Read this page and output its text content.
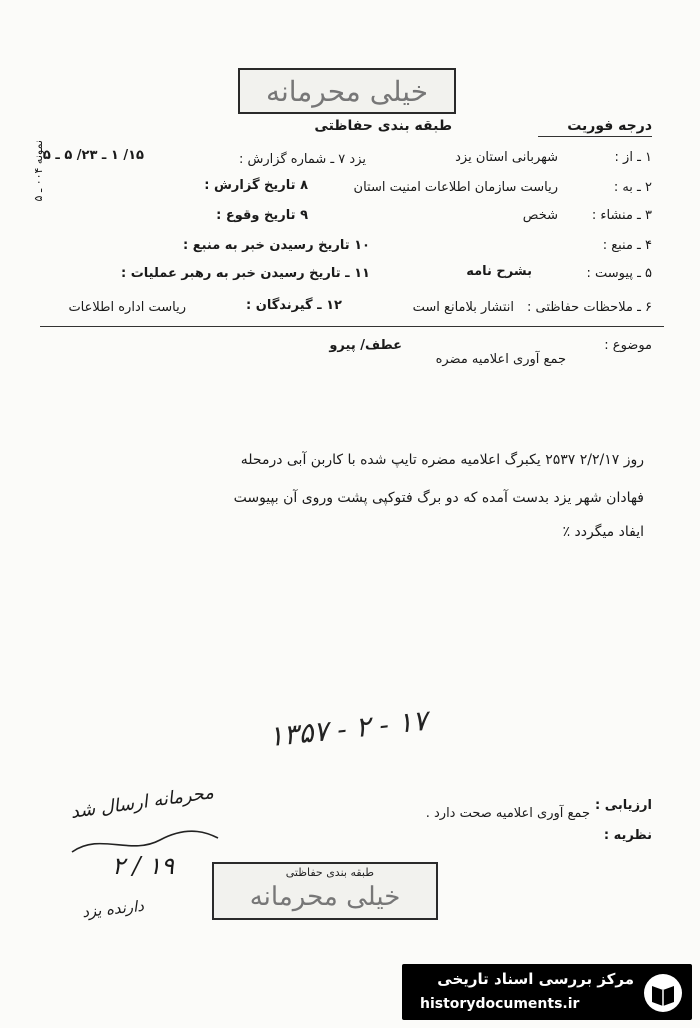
خیلی محرمانه
طبقه بندی حفاظتی	درجه فوریت
نمونه ۰۰۴ ـ ۵	۱ ـ از :
شهربانی استان یزد
یزد ۷ ـ شماره گزارش :
۱۵/ ۱ ـ ۲۳/ ۵ ـ ۵
۲ ـ به :
ریاست سازمان اطلاعات امنیت استان
۸ تاریخ گزارش :
۳ ـ منشاء :
شخص
۹ تاریخ وقوع :
۴ ـ منبع :
۱۰ تاریخ رسیدن خبر به منبع :
۵ ـ پیوست :
بشرح نامه
۱۱ ـ تاریخ رسیدن خبر به رهبر عملیات :
۶ ـ ملاحظات حفاظتی :
انتشار بلامانع است
۱۲ ـ گیرندگان :
ریاست اداره اطلاعات
موضوع :
عطف/ پیرو
جمع آوری اعلامیه مضره
روز ۲/۲/۱۷ ۲۵۳۷ یکبرگ اعلامیه مضره تایپ شده با کاربن آبی درمحله
فهادان شهر یزد بدست آمده که دو برگ فتوکپی پشت وروی آن بپیوست
ایفاد میگردد ٪
۱۷ - ۲ - ۱۳۵۷
محرمانه ارسال شد
۱۹ / ۲
دارنده یزد
ارزیابی :
جمع آوری اعلامیه صحت دارد .
نظریه :
طبقه بندی حفاظتی
خیلی محرمانه
مرکز بررسی اسناد تاریخی
historydocuments.ir
